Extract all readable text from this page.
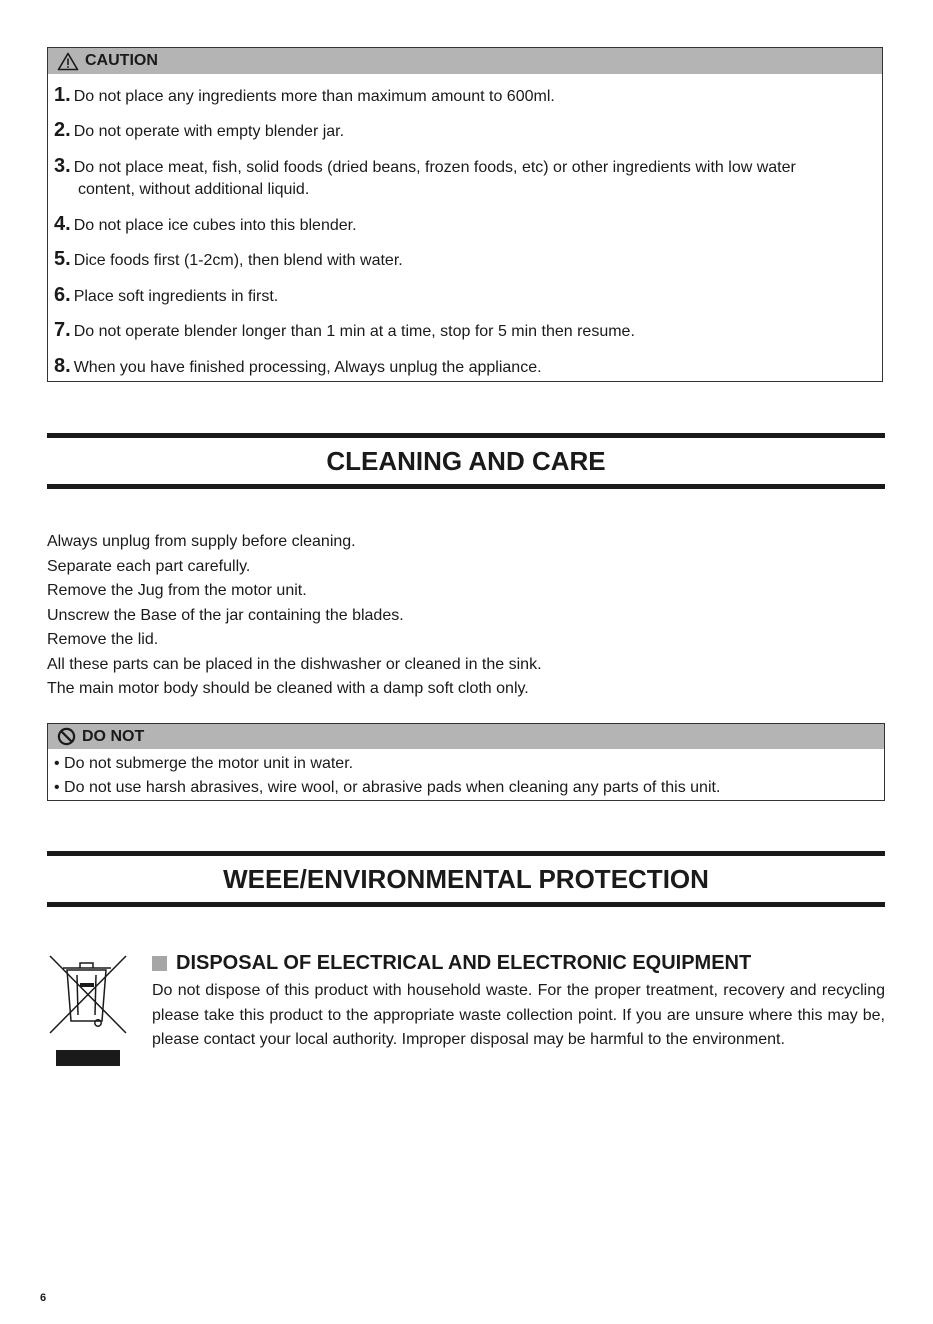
CAUTION
1. Do not place any ingredients more than maximum amount to 600ml.
2. Do not operate with empty blender jar.
3. Do not place meat, fish, solid foods (dried beans, frozen foods, etc) or other ingredients with low water
content, without additional liquid.
4. Do not place ice cubes into this blender.
5. Dice foods first (1-2cm), then blend with water.
6. Place soft ingredients in first.
7. Do not operate blender longer than 1 min at a time, stop for 5 min then resume.
8. When you have finished processing, Always unplug the appliance.
CLEANING AND CARE
Always unplug from supply before cleaning.
Separate each part carefully.
Remove the Jug from the motor unit.
Unscrew the Base of the jar containing the blades.
Remove the lid.
All these parts can be placed in the dishwasher or cleaned in the sink.
The main motor body should be cleaned with a damp soft cloth only.
DO NOT
• Do not submerge the motor unit in water.
• Do not use harsh abrasives, wire wool, or abrasive pads when cleaning any parts of this unit.
WEEE/ENVIRONMENTAL PROTECTION
DISPOSAL OF ELECTRICAL AND ELECTRONIC EQUIPMENT
Do not dispose of this product with household waste. For the proper treatment, recovery and recycling please take this product to the appropriate waste collection point. If you are unsure where this may be, please contact your local authority. Improper disposal may be harmful to the environment.
6
